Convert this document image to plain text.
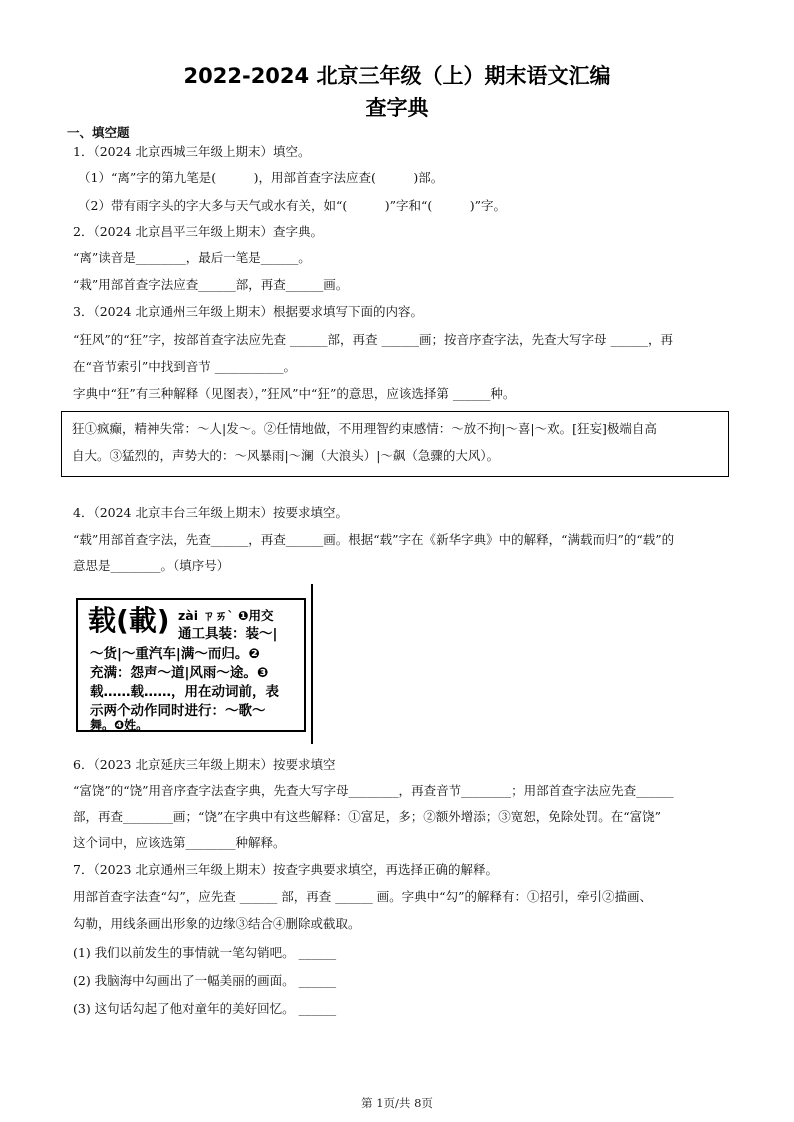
2022-2024 北京三年级（上）期末语文汇编
查字典
一、填空题
1．（2024 北京西城三年级上期末）填空。
（1）“离”字的第九笔是(　　　)，用部首查字法应查(　　　)部。
（2）带有雨字头的字大多与天气或水有关，如“(　　　)”字和“(　　　)”字。
2．（2024 北京昌平三年级上期末）查字典。
“离”读音是________，最后一笔是______。
“栽”用部首查字法应查______部，再查______画。
3．（2024 北京通州三年级上期末）根据要求填写下面的内容。
“狂风”的“狂”字，按部首查字法应先查 ______部，再查 ______画；按音序查字法，先查大写字母 ______，再
在“音节索引”中找到音节 ___________。
字典中“狂”有三种解释（见图表），”狂风”中“狂”的意思，应该选择第 ______种。
狂①疯癫，精神失常：～人|发～。②任情地做，不用理智约束感情：～放不拘|～喜|～欢。[狂妄]极端自高
自大。③猛烈的，声势大的：～风暴雨|～澜（大浪头）|～飙（急骤的大风）。
4．（2024 北京丰台三年级上期末）按要求填空。
“载”用部首查字法，先查______，再查______画。根据“载”字在《新华字典》中的解释，“满载而归”的“载”的
意思是________。（填序号）
载(載) zài ㄗㄞˋ ❶用交
通工具装：装～|
～货|～重汽车|满～而归。❷
充满：怨声～道|风雨～途。❸
载……载……，用在动词前，表
示两个动作同时进行：～歌～
舞。❹姓。
6．（2023 北京延庆三年级上期末）按要求填空
“富饶”的“饶”用音序查字法查字典，先查大写字母________，再查音节________；用部首查字法应先查______
部，再查________画；“饶”在字典中有这些解释：①富足，多；②额外增添；③宽恕，免除处罚。在“富饶”
这个词中，应该选第________种解释。
7．（2023 北京通州三年级上期末）按查字典要求填空，再选择正确的解释。
用部首查字法查“勾”，应先查 ______ 部，再查 ______ 画。字典中“勾”的解释有：①招引，牵引②描画、
勾勒，用线条画出形象的边缘③结合④删除或截取。
(1) 我们以前发生的事情就一笔勾销吧。 ______
(2) 我脑海中勾画出了一幅美丽的画面。 ______
(3) 这句话勾起了他对童年的美好回忆。 ______
第 1页/共 8页
